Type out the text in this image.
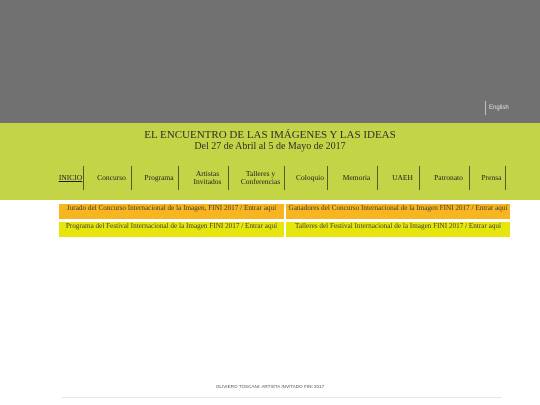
English
EL ENCUENTRO DE LAS IMÁGENES Y LAS IDEAS
Del 27 de Abril al 5 de Mayo de 2017
INICIO Concurso Programa	Artistas
Invitados
Talleres y
Conferencias Coloquio	Memoria	UAEH	Patronato Prensa
Jurado del Concurso Internacional de la Imagen, FINI 2017 / Entrar aquí	Ganadores del Concurso Internacional de la Imagen FINI 2017 / Entrar aquí
Programa del Festival Internacional de la Imagen FINI 2017 / Entrar aquí	Talleres del Festival Internacional de la Imagen FINI 2017 / Entrar aquí
OLIVIERO TOSCANI: ARTISTA INVITADO FINI 2017
